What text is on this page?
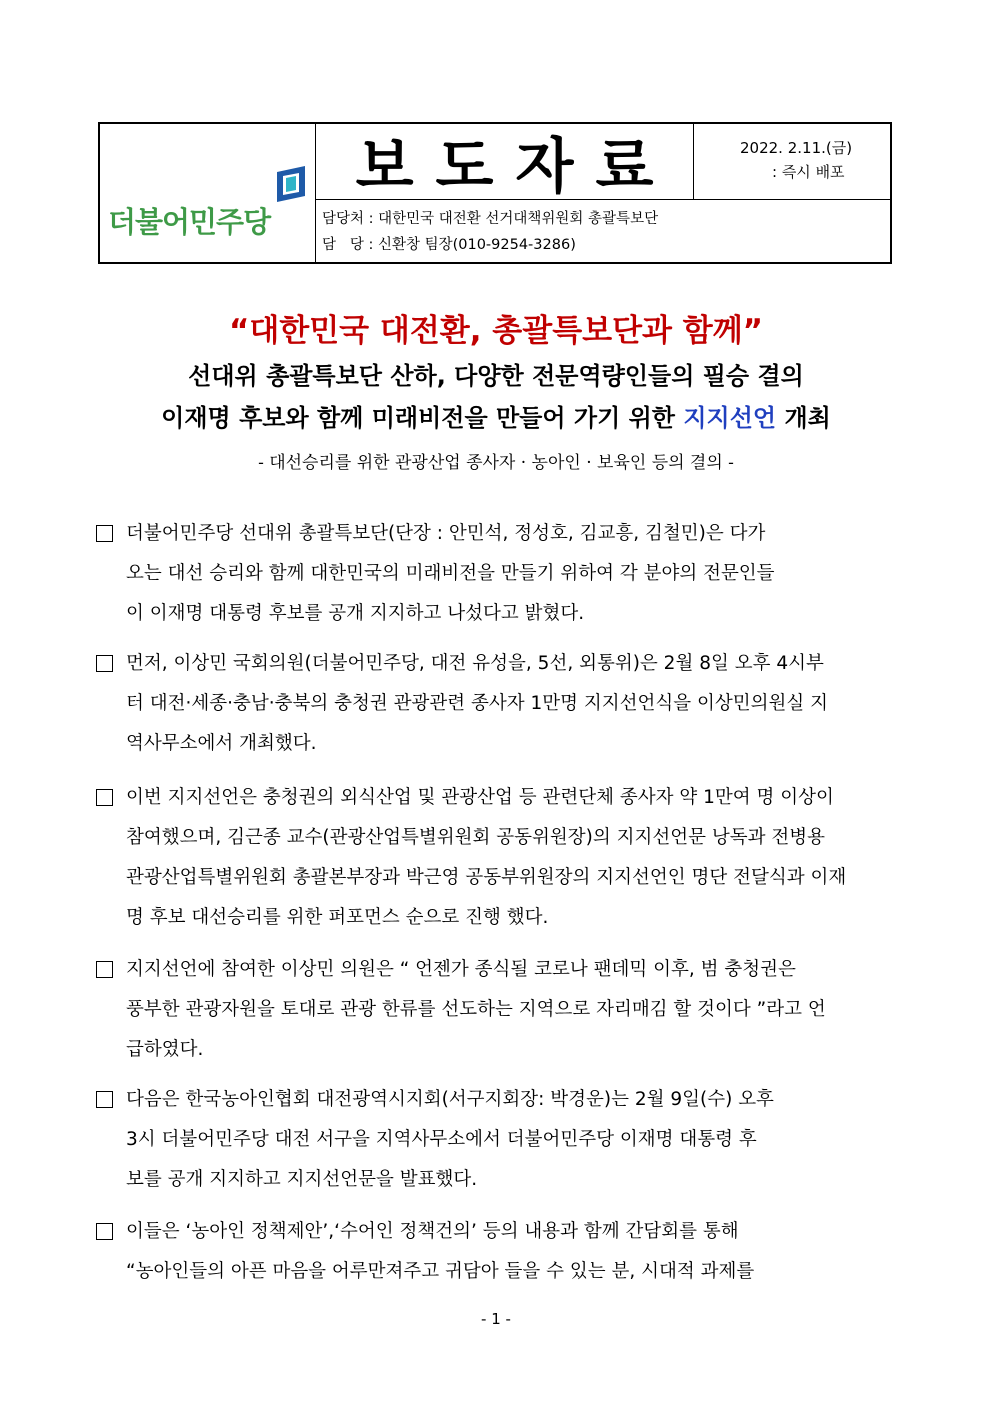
더불어민주당
보도자료	2022. 2.11.(금)
: 즉시 배포
담당처 : 대한민국 대전환 선거대책위원회 총괄특보단
담   당 : 신환창 팀장(010-9254-3286)
“대한민국 대전환, 총괄특보단과 함께”
선대위 총괄특보단 산하, 다양한 전문역량인들의 필승 결의
이재명 후보와 함께 미래비전을 만들어 가기 위한 지지선언 개최
- 대선승리를 위한 관광산업 종사자 · 농아인 · 보육인 등의 결의 -
더불어민주당 선대위 총괄특보단(단장 : 안민석, 정성호, 김교흥, 김철민)은 다가
오는 대선 승리와 함께 대한민국의 미래비전을 만들기 위하여 각 분야의 전문인들
이 이재명 대통령 후보를 공개 지지하고 나섰다고 밝혔다.
먼저, 이상민 국회의원(더불어민주당, 대전 유성을, 5선, 외통위)은 2월 8일 오후 4시부
터 대전·세종·충남·충북의 충청권 관광관련 종사자 1만명 지지선언식을 이상민의원실 지
역사무소에서 개최했다.
이번 지지선언은 충청권의 외식산업 및 관광산업 등 관련단체 종사자 약 1만여 명 이상이
참여했으며, 김근종 교수(관광산업특별위원회 공동위원장)의 지지선언문 낭독과 전병용
관광산업특별위원회 총괄본부장과 박근영 공동부위원장의 지지선언인 명단 전달식과 이재
명 후보 대선승리를 위한 퍼포먼스 순으로 진행 했다.
지지선언에 참여한 이상민 의원은 “ 언젠가 종식될 코로나 팬데믹 이후, 범 충청권은
풍부한 관광자원을 토대로 관광 한류를 선도하는 지역으로 자리매김 할 것이다 ”라고 언
급하였다.
다음은 한국농아인협회 대전광역시지회(서구지회장: 박경운)는 2월 9일(수) 오후
3시 더불어민주당 대전 서구을 지역사무소에서 더불어민주당 이재명 대통령 후
보를 공개 지지하고 지지선언문을 발표했다.
이들은 ‘농아인 정책제안’,‘수어인 정책건의’ 등의 내용과 함께 간담회를 통해
“농아인들의 아픈 마음을 어루만져주고 귀담아 들을 수 있는 분, 시대적 과제를
- 1 -
